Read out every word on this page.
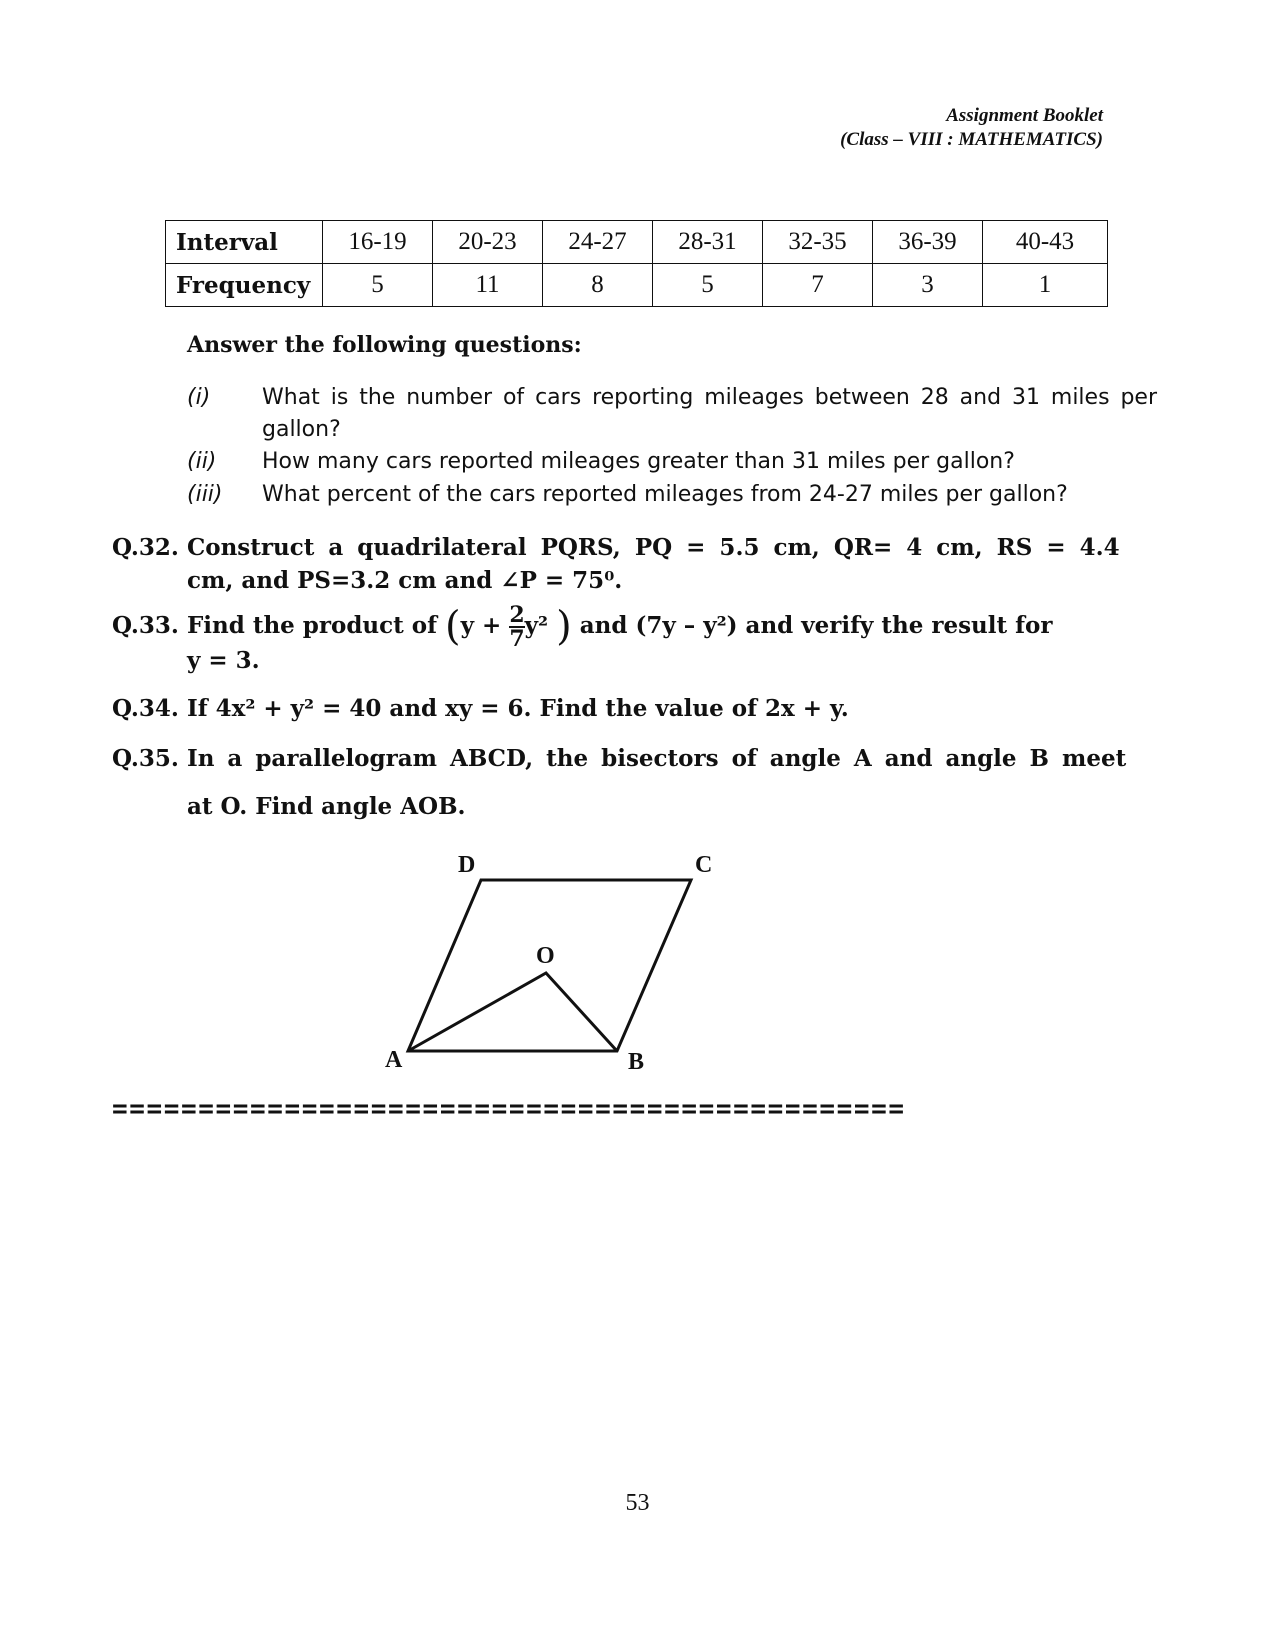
Assignment Booklet
(Class – VIII : MATHEMATICS)
Interval	16-19	20-23	24-27	28-31	32-35	36-39	40-43
Frequency	5	11	8	5	7	3	1
Answer the following questions:
(i)	What is the number of cars reporting mileages between 28 and 31 miles per gallon?
(ii)	How many cars reported mileages greater than 31 miles per gallon?
(iii)	What percent of the cars reported mileages from 24-27 miles per gallon?
Q.32. Construct a quadrilateral PQRS, PQ = 5.5 cm, QR= 4 cm, RS = 4.4
cm, and PS=3.2 cm and ∠P = 75⁰.
Q.33. Find the product of ($y + \frac{2}{7} y^2$ ) and (7y – y²) and verify the result for
y = 3.
Q.34. If 4x² + y² = 40 and xy = 6. Find the value of 2x + y.
Q.35. In a parallelogram ABCD, the bisectors of angle A and angle B meet
at O. Find angle AOB.
A	B
C
D
O
==============================================
53
